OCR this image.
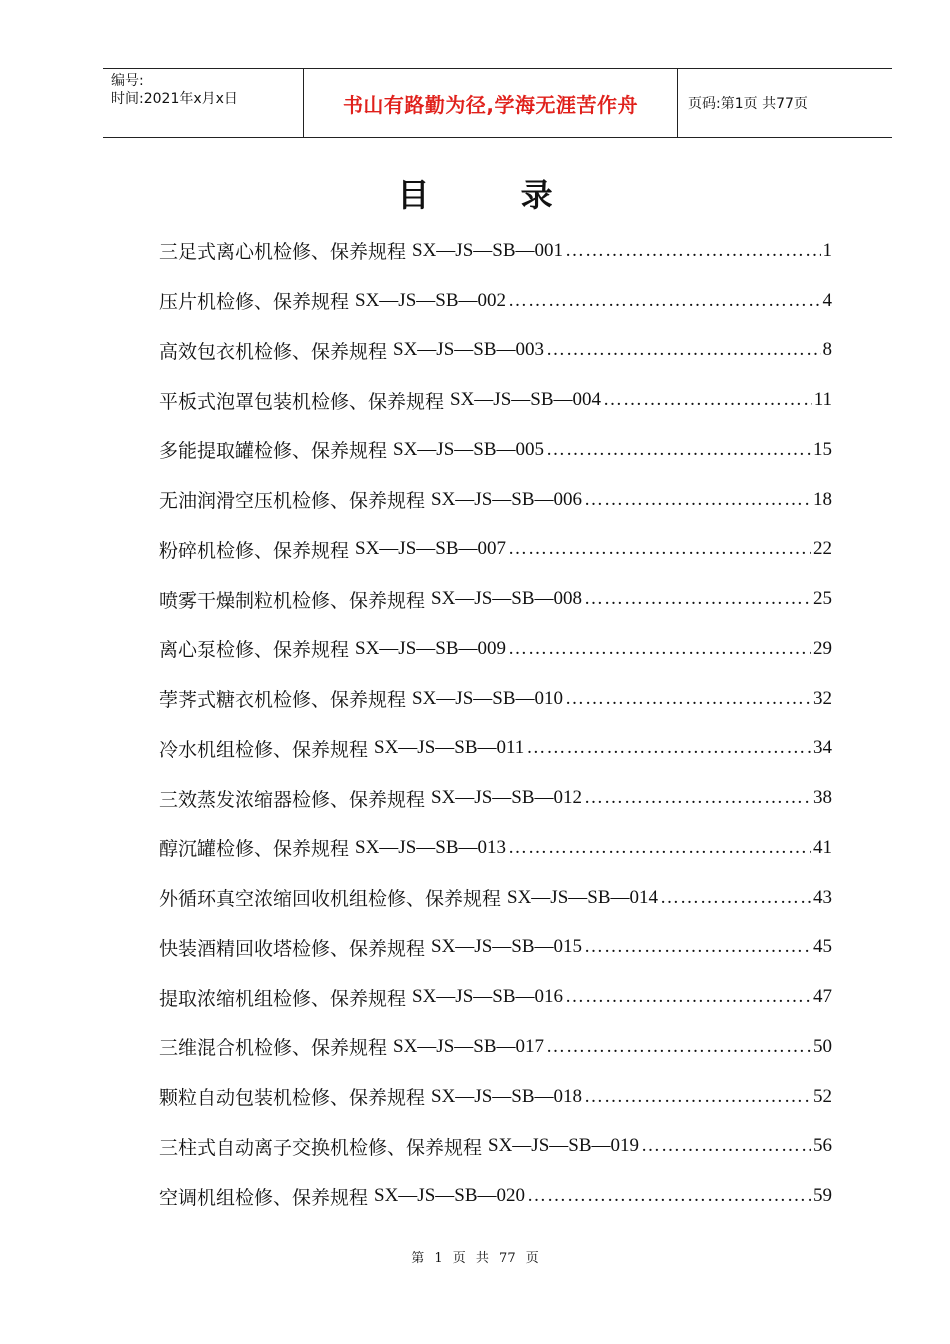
编号:
时间:2021年x月x日	书山有路勤为径,学海无涯苦作舟	页码:第1页 共77页
目 录
三足式离心机检修、保养规程 SX—JS—SB—001 ……………………………………………………………………………………………………………………	1
压片机检修、保养规程 SX—JS—SB—002 ……………………………………………………………………………………………………………………	4
高效包衣机检修、保养规程 SX—JS—SB—003 ……………………………………………………………………………………………………………………	8
平板式泡罩包装机检修、保养规程 SX—JS—SB—004 ……………………………………………………………………………………………………………………	11
多能提取罐检修、保养规程 SX—JS—SB—005 ……………………………………………………………………………………………………………………	15
无油润滑空压机检修、保养规程 SX—JS—SB—006 ……………………………………………………………………………………………………………………	18
粉碎机检修、保养规程 SX—JS—SB—007 ……………………………………………………………………………………………………………………	22
喷雾干燥制粒机检修、保养规程 SX—JS—SB—008 ……………………………………………………………………………………………………………………	25
离心泵检修、保养规程 SX—JS—SB—009 ……………………………………………………………………………………………………………………	29
荸荠式糖衣机检修、保养规程 SX—JS—SB—010 ……………………………………………………………………………………………………………………	32
冷水机组检修、保养规程 SX—JS—SB—011 ……………………………………………………………………………………………………………………	34
三效蒸发浓缩器检修、保养规程 SX—JS—SB—012 ……………………………………………………………………………………………………………………	38
醇沉罐检修、保养规程 SX—JS—SB—013 ……………………………………………………………………………………………………………………	41
外循环真空浓缩回收机组检修、保养规程 SX—JS—SB—014 ……………………………………………………………………………………………………………………	43
快装酒精回收塔检修、保养规程 SX—JS—SB—015 ……………………………………………………………………………………………………………………	45
提取浓缩机组检修、保养规程 SX—JS—SB—016 ……………………………………………………………………………………………………………………	47
三维混合机检修、保养规程 SX—JS—SB—017 ……………………………………………………………………………………………………………………	50
颗粒自动包装机检修、保养规程 SX—JS—SB—018 ……………………………………………………………………………………………………………………	52
三柱式自动离子交换机检修、保养规程 SX—JS—SB—019 ……………………………………………………………………………………………………………………	56
空调机组检修、保养规程 SX—JS—SB—020 ……………………………………………………………………………………………………………………	59
第 1 页 共 77 页
